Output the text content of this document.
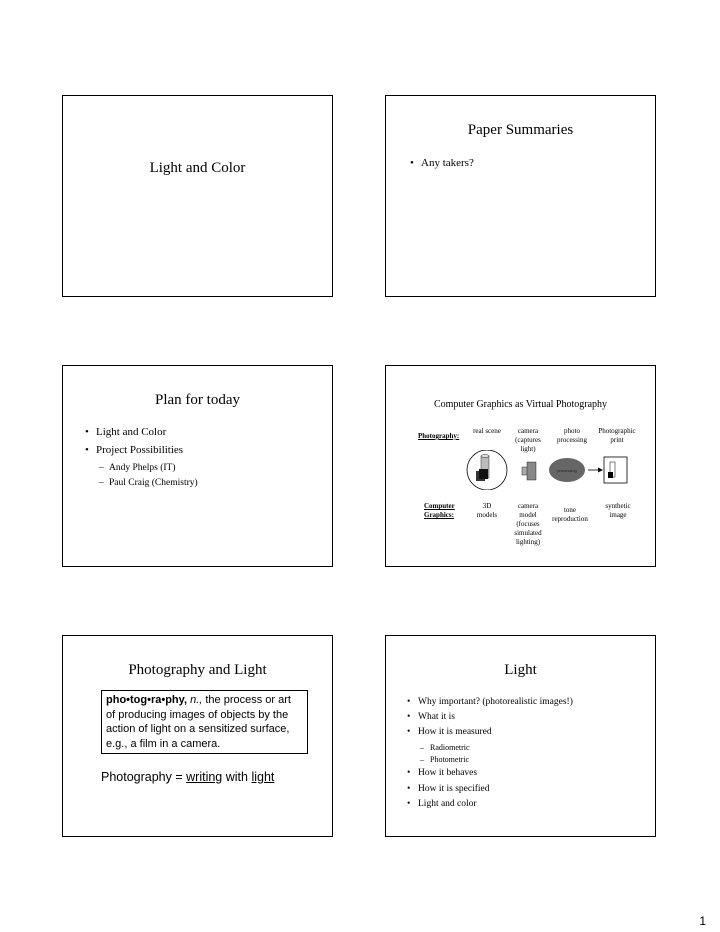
Light and Color
Paper Summaries
• Any takers?
Plan for today
• Light and Color
• Project Possibilities
– Andy Phelps (IT)
– Paul Craig (Chemistry)
Computer Graphics as Virtual Photography
Photography:
real scene	camera (captures light)
photo processing
Photographic print
processing
Computer Graphics:
3D models
camera model (focuses simulated lighting)
tone reproduction
synthetic image
Photography and Light
pho•tog•ra•phy, n., the process or art of producing images of objects by the action of light on a sensitized surface, e.g., a film in a camera.
Photography = writing with light
Light
• Why important? (photorealistic images!)
• What it is
• How it is measured
– Radiometric
– Photometric
• How it behaves
• How it is specified
• Light and color
1
